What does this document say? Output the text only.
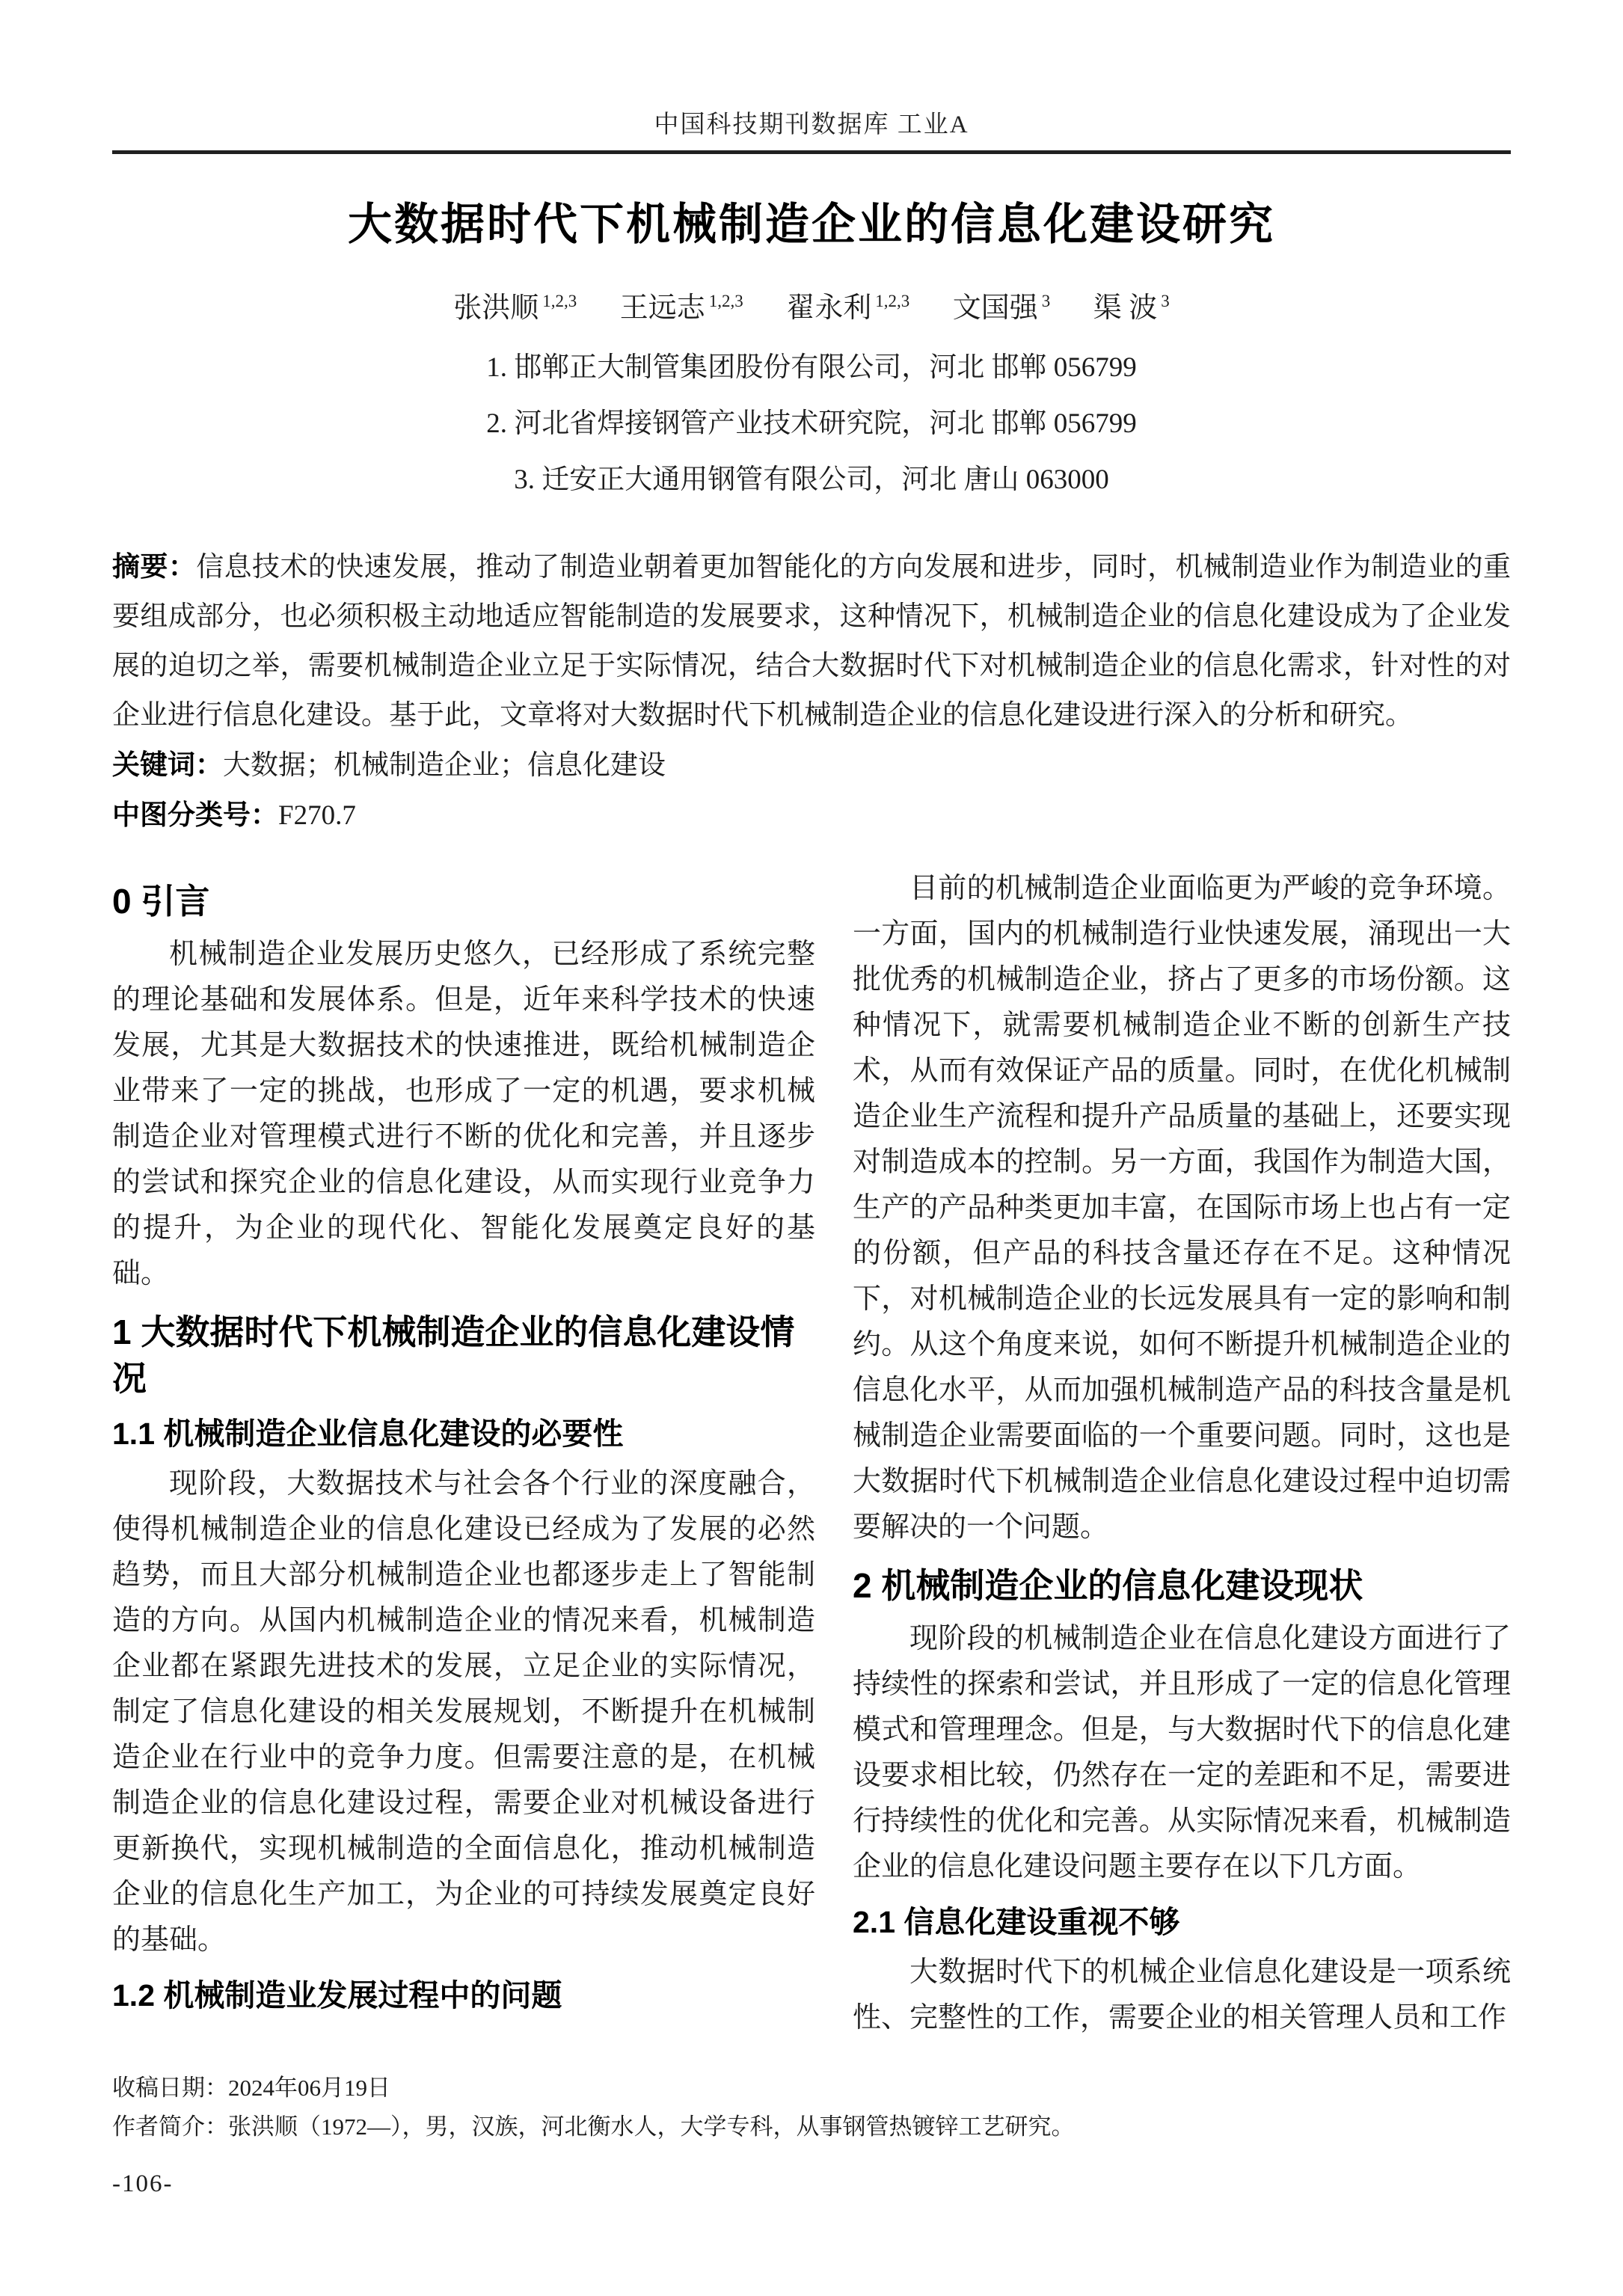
中国科技期刊数据库 工业A
大数据时代下机械制造企业的信息化建设研究
张洪顺 $^{1,2,3}$ 王远志 $^{1,2,3}$ 翟永利 $^{1,2,3}$ 文国强 $^3$ 渠 波 $^3$
1. 邯郸正大制管集团股份有限公司，河北 邯郸 056799
2. 河北省焊接钢管产业技术研究院，河北 邯郸 056799
3. 迁安正大通用钢管有限公司，河北 唐山 063000
摘要：信息技术的快速发展，推动了制造业朝着更加智能化的方向发展和进步，同时，机械制造业作为制造业的重要组成部分，也必须积极主动地适应智能制造的发展要求，这种情况下，机械制造企业的信息化建设成为了企业发展的迫切之举，需要机械制造企业立足于实际情况，结合大数据时代下对机械制造企业的信息化需求，针对性的对企业进行信息化建设。基于此，文章将对大数据时代下机械制造企业的信息化建设进行深入的分析和研究。
关键词：大数据；机械制造企业；信息化建设
中图分类号：F270.7
0 引言

机械制造企业发展历史悠久，已经形成了系统完整的理论基础和发展体系。但是，近年来科学技术的快速发展，尤其是大数据技术的快速推进，既给机械制造企业带来了一定的挑战，也形成了一定的机遇，要求机械制造企业对管理模式进行不断的优化和完善，并且逐步的尝试和探究企业的信息化建设，从而实现行业竞争力的提升，为企业的现代化、智能化发展奠定良好的基础。

1 大数据时代下机械制造企业的信息化建设情况
1.1 机械制造企业信息化建设的必要性

现阶段，大数据技术与社会各个行业的深度融合，使得机械制造企业的信息化建设已经成为了发展的必然趋势，而且大部分机械制造企业也都逐步走上了智能制造的方向。从国内机械制造企业的情况来看，机械制造企业都在紧跟先进技术的发展，立足企业的实际情况，制定了信息化建设的相关发展规划，不断提升在机械制造企业在行业中的竞争力度。但需要注意的是，在机械制造企业的信息化建设过程，需要企业对机械设备进行更新换代，实现机械制造的全面信息化，推动机械制造企业的信息化生产加工，为企业的可持续发展奠定良好的基础。

1.2 机械制造业发展过程中的问题

目前的机械制造企业面临更为严峻的竞争环境。一方面，国内的机械制造行业快速发展，涌现出一大批优秀的机械制造企业，挤占了更多的市场份额。这种情况下，就需要机械制造企业不断的创新生产技术，从而有效保证产品的质量。同时，在优化机械制造企业生产流程和提升产品质量的基础上，还要实现对制造成本的控制。另一方面，我国作为制造大国，生产的产品种类更加丰富，在国际市场上也占有一定的份额，但产品的科技含量还存在不足。这种情况下，对机械制造企业的长远发展具有一定的影响和制约。从这个角度来说，如何不断提升机械制造企业的信息化水平，从而加强机械制造产品的科技含量是机械制造企业需要面临的一个重要问题。同时，这也是大数据时代下机械制造企业信息化建设过程中迫切需要解决的一个问题。

2 机械制造企业的信息化建设现状

现阶段的机械制造企业在信息化建设方面进行了持续性的探索和尝试，并且形成了一定的信息化管理模式和管理理念。但是，与大数据时代下的信息化建设要求相比较，仍然存在一定的差距和不足，需要进行持续性的优化和完善。从实际情况来看，机械制造企业的信息化建设问题主要存在以下几方面。

2.1 信息化建设重视不够

大数据时代下的机械企业信息化建设是一项系统性、完整性的工作，需要企业的相关管理人员和工作

收稿日期：2024年06月19日
作者简介：张洪顺（1972—），男，汉族，河北衡水人，大学专科，从事钢管热镀锌工艺研究。
-106-
